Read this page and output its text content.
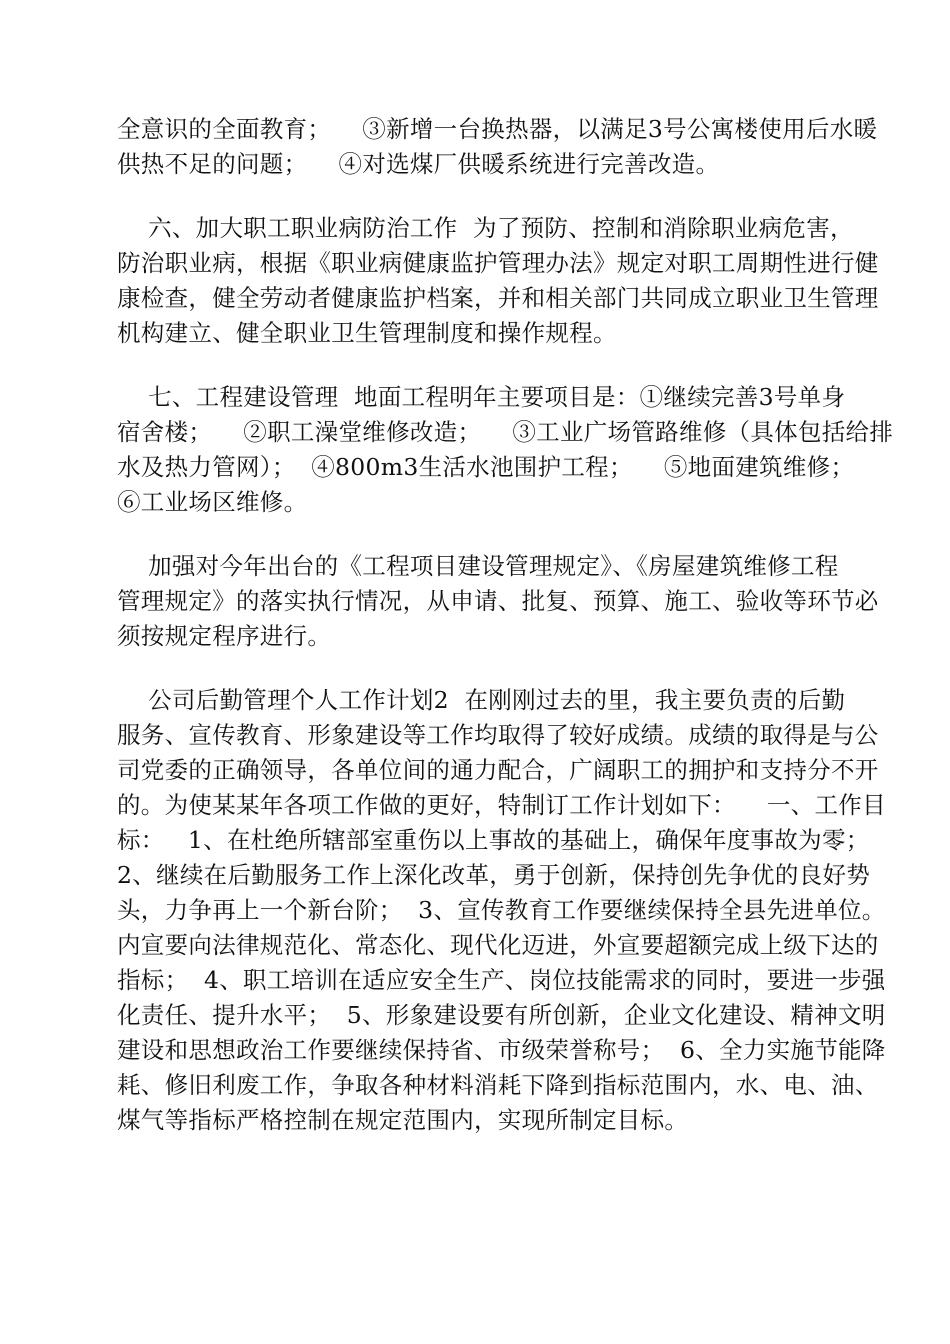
全意识的全面教育；    ③新增一台换热器，以满足3号公寓楼使用后水暖
供热不足的问题；    ④对选煤厂供暖系统进行完善改造。
六、加大职工职业病防治工作  为了预防、控制和消除职业病危害，
防治职业病，根据《职业病健康监护管理办法》规定对职工周期性进行健
康检查，健全劳动者健康监护档案，并和相关部门共同成立职业卫生管理
机构建立、健全职业卫生管理制度和操作规程。
七、工程建设管理  地面工程明年主要项目是：①继续完善3号单身
宿舍楼；    ②职工澡堂维修改造；    ③工业广场管路维修（具体包括给排
水及热力管网）；  ④800m3生活水池围护工程；    ⑤地面建筑维修；
⑥工业场区维修。
加强对今年出台的《工程项目建设管理规定》、《房屋建筑维修工程
管理规定》的落实执行情况，从申请、批复、预算、施工、验收等环节必
须按规定程序进行。
公司后勤管理个人工作计划2  在刚刚过去的里，我主要负责的后勤
服务、宣传教育、形象建设等工作均取得了较好成绩。成绩的取得是与公
司党委的正确领导，各单位间的通力配合，广阔职工的拥护和支持分不开
的。为使某某年各项工作做的更好，特制订工作计划如下：    一、工作目
标：   1、在杜绝所辖部室重伤以上事故的基础上，确保年度事故为零；
2、继续在后勤服务工作上深化改革，勇于创新，保持创先争优的良好势
头，力争再上一个新台阶；  3、宣传教育工作要继续保持全县先进单位。
内宣要向法律规范化、常态化、现代化迈进，外宣要超额完成上级下达的
指标；  4、职工培训在适应安全生产、岗位技能需求的同时，要进一步强
化责任、提升水平；  5、形象建设要有所创新，企业文化建设、精神文明
建设和思想政治工作要继续保持省、市级荣誉称号；  6、全力实施节能降
耗、修旧利废工作，争取各种材料消耗下降到指标范围内，水、电、油、
煤气等指标严格控制在规定范围内，实现所制定目标。
